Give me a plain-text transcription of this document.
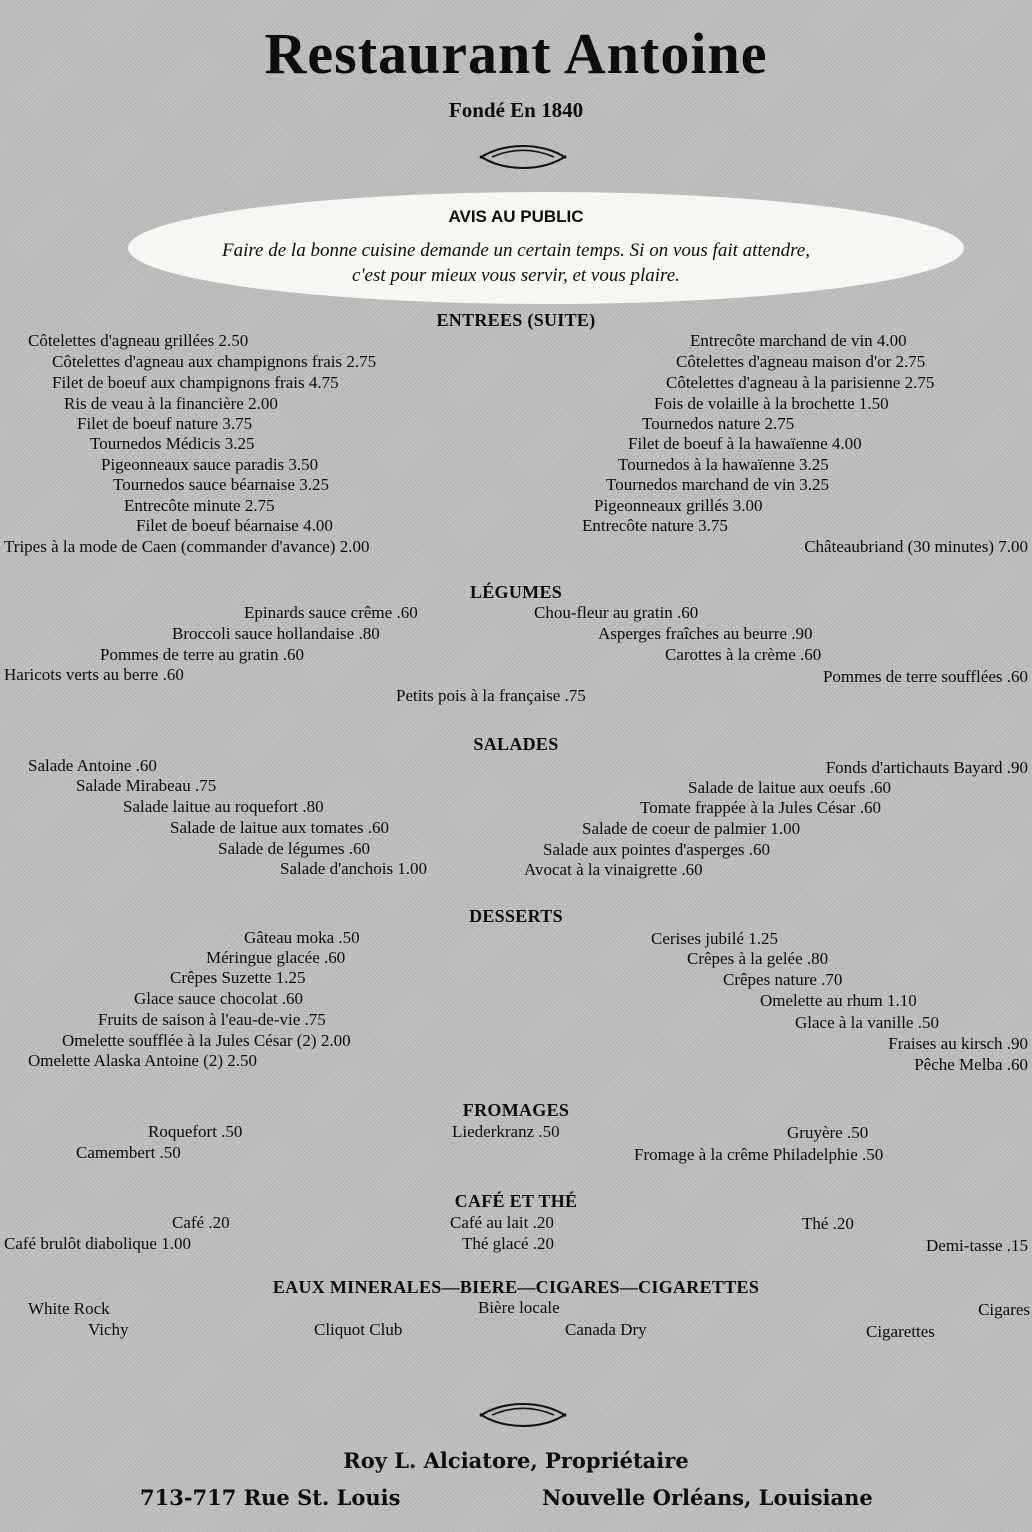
Restaurant Antoine
Fondé En 1840
AVIS AU PUBLIC
Faire de la bonne cuisine demande un certain temps. Si on vous fait attendre,
c'est pour mieux vous servir, et vous plaire.
ENTREES (SUITE)
Côtelettes d'agneau grillées 2.50
Côtelettes d'agneau aux champignons frais 2.75
Filet de boeuf aux champignons frais 4.75
Ris de veau à la financière 2.00
Filet de boeuf nature 3.75
Tournedos Médicis 3.25
Pigeonneaux sauce paradis 3.50
Tournedos sauce béarnaise 3.25
Entrecôte minute 2.75
Filet de boeuf béarnaise 4.00
Tripes à la mode de Caen (commander d'avance) 2.00
Entrecôte marchand de vin 4.00
Côtelettes d'agneau maison d'or 2.75
Côtelettes d'agneau à la parisienne 2.75
Fois de volaille à la brochette 1.50
Tournedos nature 2.75
Filet de boeuf à la hawaïenne 4.00
Tournedos à la hawaïenne 3.25
Tournedos marchand de vin 3.25
Pigeonneaux grillés 3.00
Entrecôte nature 3.75
Châteaubriand (30 minutes) 7.00
LÉGUMES
Epinards sauce crême .60	Chou-fleur au gratin .60
Broccoli sauce hollandaise .80	Asperges fraîches au beurre .90
Pommes de terre au gratin .60	Carottes à la crème .60
Haricots verts au berre .60	Pommes de terre soufflées .60
Petits pois à la française .75
SALADES
Salade Antoine .60
Salade Mirabeau .75
Salade laitue au roquefort .80
Salade de laitue aux tomates .60
Salade de légumes .60
Salade d'anchois 1.00
Fonds d'artichauts Bayard .90
Salade de laitue aux oeufs .60
Tomate frappée à la Jules César .60
Salade de coeur de palmier 1.00
Salade aux pointes d'asperges .60
Avocat à la vinaigrette .60
DESSERTS
Gâteau moka .50
Méringue glacée .60
Crêpes Suzette 1.25
Glace sauce chocolat .60
Fruits de saison à l'eau-de-vie .75
Omelette soufflée à la Jules César (2) 2.00
Omelette Alaska Antoine (2) 2.50
Cerises jubilé 1.25
Crêpes à la gelée .80
Crêpes nature .70
Omelette au rhum 1.10
Glace à la vanille .50
Fraises au kirsch .90
Pêche Melba .60
FROMAGES
Roquefort .50	Liederkranz .50	Gruyère .50
Camembert .50	Fromage à la crême Philadelphie .50
CAFÉ ET THÉ
Café .20	Café au lait .20	Thé .20
Café brulôt diabolique 1.00	Thé glacé .20	Demi-tasse .15
EAUX MINERALES—BIERE—CIGARES—CIGARETTES
White Rock	Bière locale	Cigares
Vichy	Cliquot Club	Canada Dry	Cigarettes
Roy L. Alciatore, Propriétaire
713-717 Rue St. Louis	Nouvelle Orléans, Louisiane
